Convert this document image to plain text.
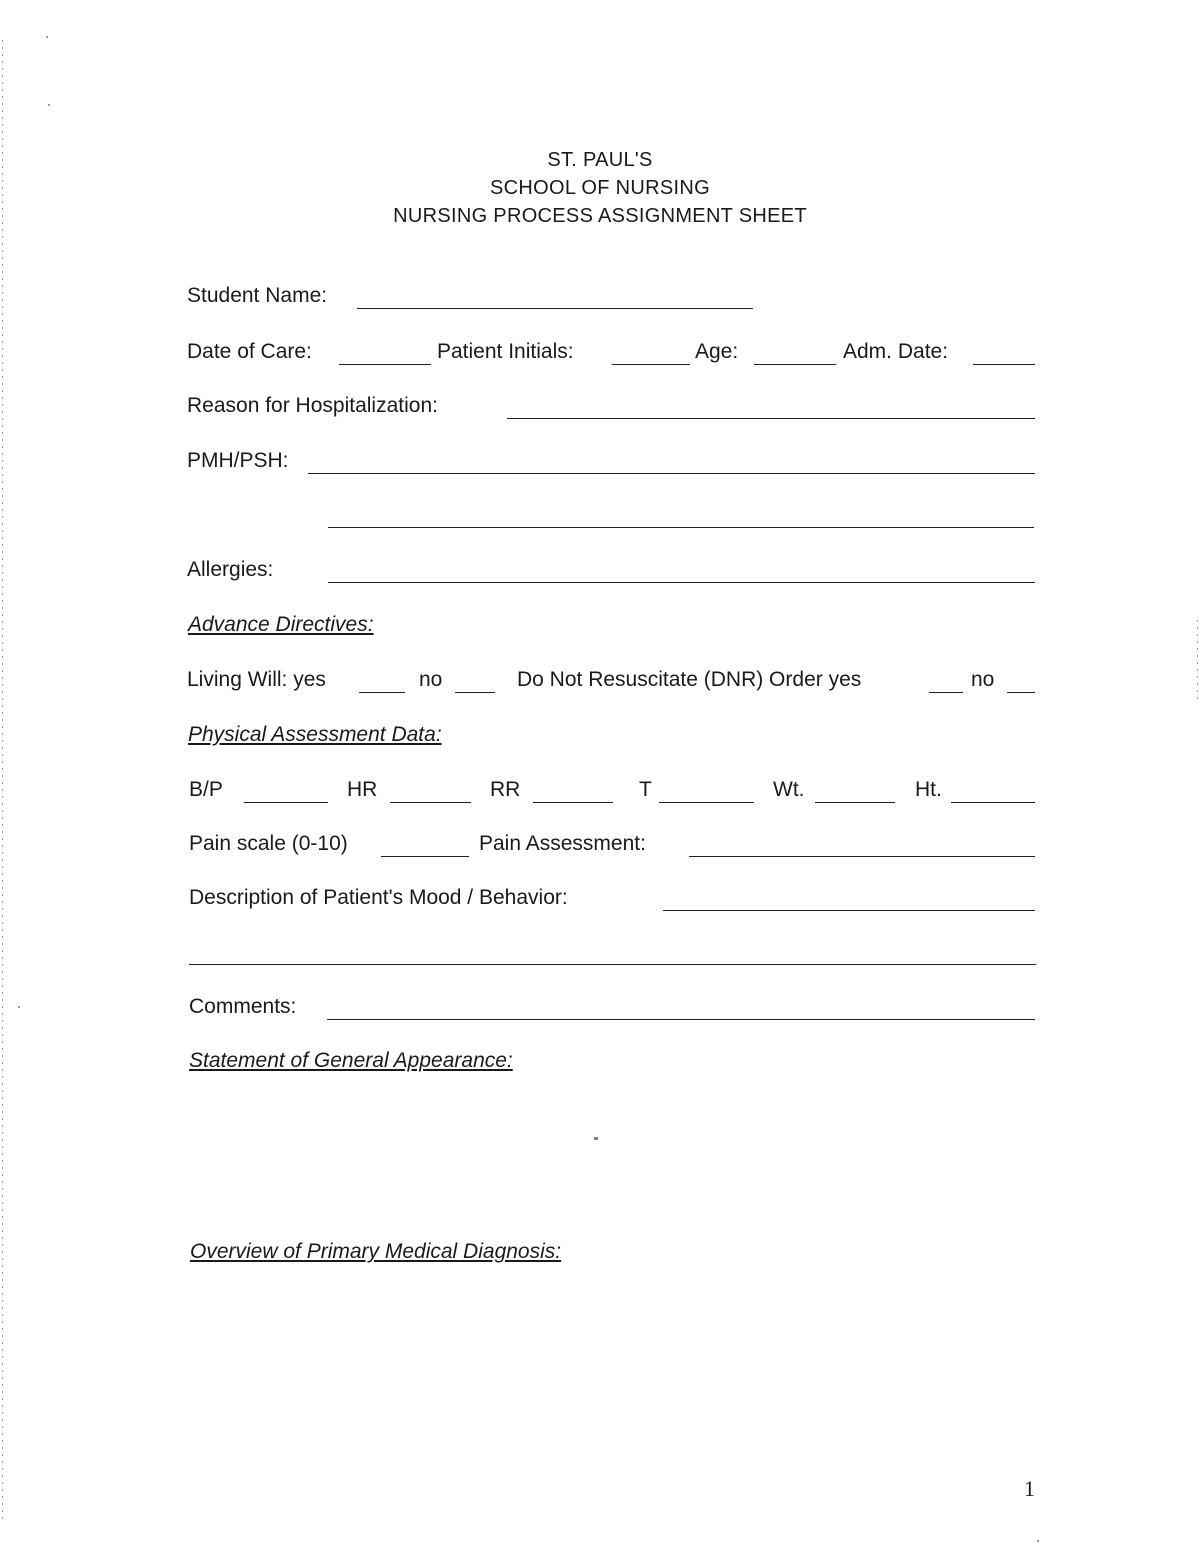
ST. PAUL'S
SCHOOL OF NURSING
NURSING PROCESS ASSIGNMENT SHEET
Student Name:
Date of Care:	Patient Initials:	Age:	Adm. Date:
Reason for Hospitalization:
PMH/PSH:
Allergies:
Advance Directives:
Living Will: yes	no	Do Not Resuscitate (DNR) Order yes	no
Physical Assessment Data:
B/P	HR	RR	T	Wt.	Ht.
Pain scale (0-10)	Pain Assessment:
Description of Patient's Mood / Behavior:
Comments:
Statement of General Appearance:
Overview of Primary Medical Diagnosis:
1
